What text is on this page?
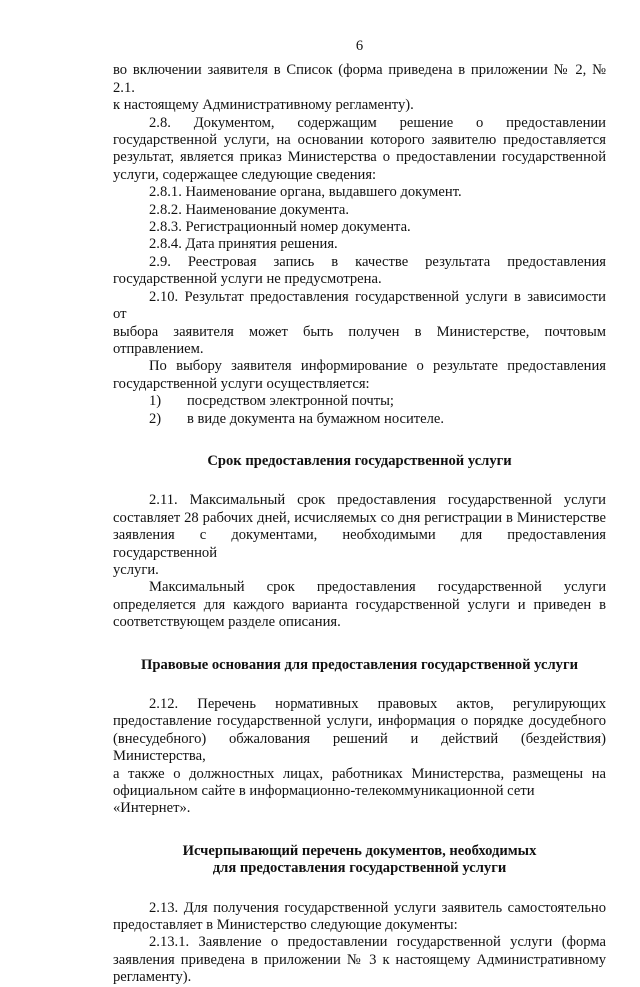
6

во включении заявителя в Список (форма приведена в приложении № 2, № 2.1.

к настоящему Административному регламенту).

2.8. Документом, содержащим решение о предоставлении

государственной услуги, на основании которого заявителю предоставляется

результат, является приказ Министерства о предоставлении государственной

услуги, содержащее следующие сведения:

2.8.1. Наименование органа, выдавшего документ.

2.8.2. Наименование документа.

2.8.3. Регистрационный номер документа.

2.8.4. Дата принятия решения.

2.9. Реестровая запись в качестве результата предоставления

государственной услуги не предусмотрена.

2.10. Результат предоставления государственной услуги в зависимости от

выбора заявителя может быть получен в Министерстве, почтовым

отправлением.

По выбору заявителя информирование о результате предоставления

государственной услуги осуществляется:

1)	посредством электронной почты;
2)	в виде документа на бумажном носителе.
Срок предоставления государственной услуги

2.11. Максимальный срок предоставления государственной услуги

составляет 28 рабочих дней, исчисляемых со дня регистрации в Министерстве

заявления с документами, необходимыми для предоставления государственной

услуги.

Максимальный срок предоставления государственной услуги

определяется для каждого варианта государственной услуги и приведен в

соответствующем разделе описания.

Правовые основания для предоставления государственной услуги

2.12. Перечень нормативных правовых актов, регулирующих

предоставление государственной услуги, информация о порядке досудебного

(внесудебного) обжалования решений и действий (бездействия) Министерства,

а также о должностных лицах, работниках Министерства, размещены на

официальном сайте в информационно-телекоммуникационной сети «Интернет».

Исчерпывающий перечень документов, необходимых
для предоставления государственной услуги

2.13. Для получения государственной услуги заявитель самостоятельно

предоставляет в Министерство следующие документы:

2.13.1. Заявление о предоставлении государственной услуги (форма

заявления приведена в приложении № 3 к настоящему Административному

регламенту).
